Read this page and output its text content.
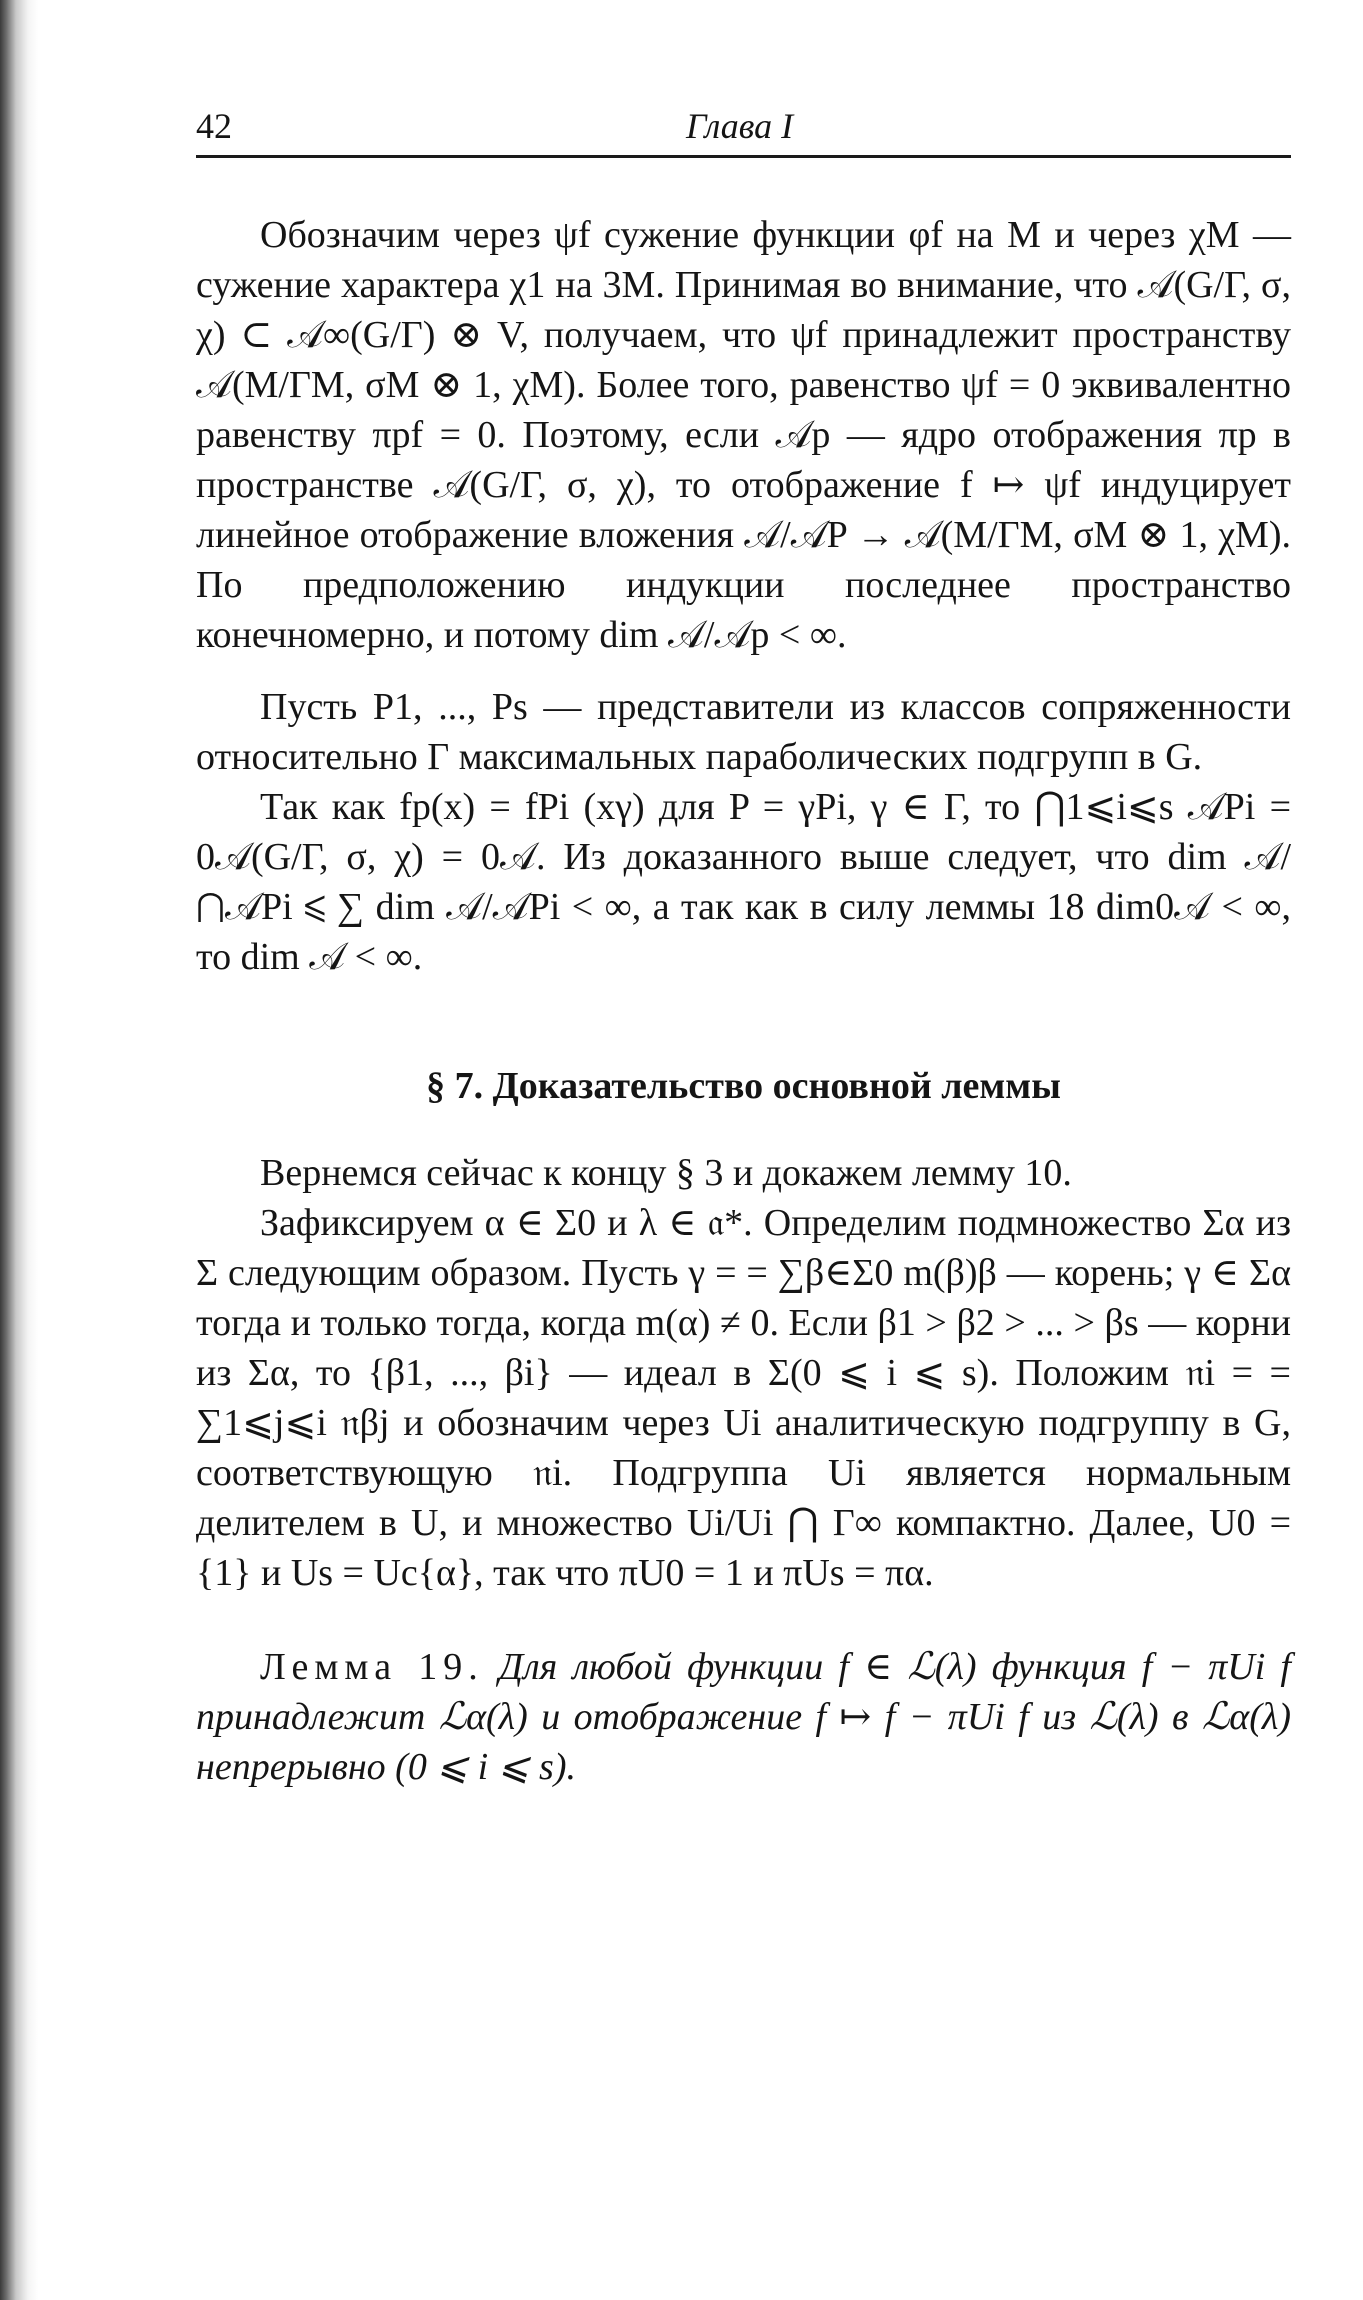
42	Глава I

Обозначим через ψf сужение функции φf на M и через χM — сужение характера χ1 на 3M. Принимая во внимание, что 𝒜(G/Γ, σ, χ) ⊂ 𝒜∞(G/Γ) ⊗ V, получаем, что ψf принадлежит пространству 𝒜(M/ΓM, σM ⊗ 1, χM). Более того, равенство ψf = 0 эквивалентно равенству πpf = 0. Поэтому, если 𝒜p — ядро отображения πp в пространстве 𝒜(G/Γ, σ, χ), то отображение f ↦ ψf индуцирует линейное отображение вложения 𝒜/𝒜P → 𝒜(M/ΓM, σM ⊗ 1, χM). По предположению индукции последнее пространство конечномерно, и потому dim 𝒜/𝒜p < ∞.

Пусть P1, ..., Ps — представители из классов сопряженности относительно Γ максимальных параболических подгрупп в G.

Так как fp(x) = fPi (xγ) для P = γPi, γ ∈ Γ, то ⋂1⩽i⩽s 𝒜Pi = 0𝒜(G/Γ, σ, χ) = 0𝒜. Из доказанного выше следует, что dim 𝒜/⋂𝒜Pi ⩽ ∑ dim 𝒜/𝒜Pi < ∞, а так как в силу леммы 18 dim0𝒜 < ∞, то dim 𝒜 < ∞.

§ 7. Доказательство основной леммы

Вернемся сейчас к концу § 3 и докажем лемму 10.

Зафиксируем α ∈ Σ0 и λ ∈ 𝔞*. Определим подмножество Σα из Σ следующим образом. Пусть γ = = ∑β∈Σ0 m(β)β — корень; γ ∈ Σα тогда и только тогда, когда m(α) ≠ 0. Если β1 > β2 > ... > βs — корни из Σα, то {β1, ..., βi} — идеал в Σ(0 ⩽ i ⩽ s). Положим 𝔫i = = ∑1⩽j⩽i 𝔫βj и обозначим через Ui аналитическую подгруппу в G, соответствующую 𝔫i. Подгруппа Ui является нормальным делителем в U, и множество Ui/Ui ⋂ Γ∞ компактно. Далее, U0 = {1} и Us = Uc{α}, так что πU0 = 1 и πUs = πα.

Лемма 19. Для любой функции f ∈ ℒ(λ) функция f − πUi f принадлежит ℒα(λ) и отображение f ↦ f − πUi f из ℒ(λ) в ℒα(λ) непрерывно (0 ⩽ i ⩽ s).
